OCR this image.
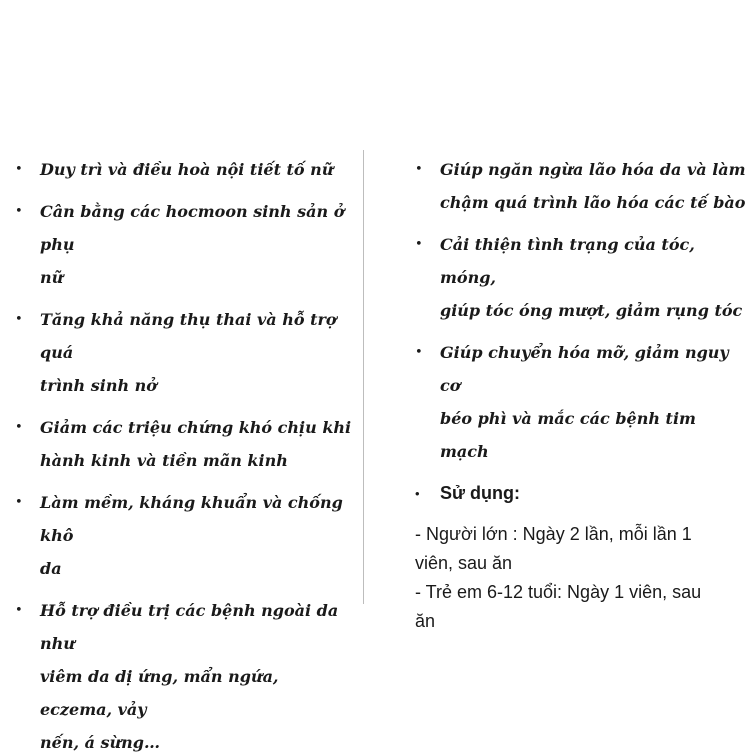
• Duy trì và điều hoà nội tiết tố nữ
• Cân bằng các hocmoon sinh sản ở phụ
nữ
• Tăng khả năng thụ thai và hỗ trợ quá
trình sinh nở
• Giảm các triệu chứng khó chịu khi
hành kinh và tiền mãn kinh
• Làm mềm, kháng khuẩn và chống khô
da
• Hỗ trợ điều trị các bệnh ngoài da như
viêm da dị ứng, mẩn ngứa, eczema, vảy
nến, á sừng…
• Giúp ngăn ngừa lão hóa da và làm
chậm quá trình lão hóa các tế bào
• Cải thiện tình trạng của tóc, móng,
giúp tóc óng mượt, giảm rụng tóc
• Giúp chuyển hóa mỡ, giảm nguy cơ
béo phì và mắc các bệnh tim mạch
• Sử dụng:
- Người lớn : Ngày 2 lần, mỗi lần 1
viên, sau ăn
- Trẻ em 6-12 tuổi: Ngày 1 viên, sau
ăn
